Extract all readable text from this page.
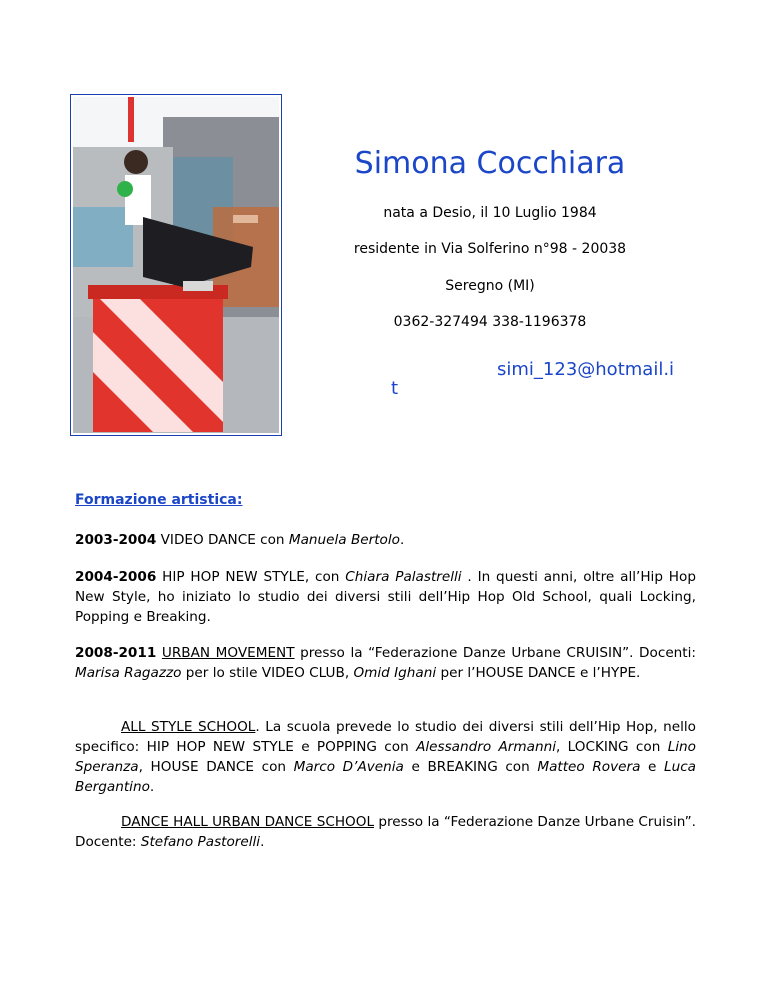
Simona Cocchiara
nata a Desio, il 10 Luglio 1984
residente in Via Solferino n°98 - 20038
Seregno (MI)
0362-327494 338-1196378
simi_123@hotmail.i
t
Formazione artistica:

2003-2004 VIDEO DANCE con Manuela Bertolo.

2004-2006 HIP HOP NEW STYLE, con Chiara Palastrelli . In questi anni, oltre all’Hip Hop New Style, ho iniziato lo studio dei diversi stili dell’Hip Hop Old School, quali Locking, Popping e Breaking.

2008-2011 URBAN MOVEMENT presso la “Federazione Danze Urbane CRUISIN”. Docenti: Marisa Ragazzo per lo stile VIDEO CLUB, Omid Ighani per l’HOUSE DANCE e l’HYPE.

ALL STYLE SCHOOL. La scuola prevede lo studio dei diversi stili dell’Hip Hop, nello specifico: HIP HOP NEW STYLE e POPPING con Alessandro Armanni, LOCKING con Lino Speranza, HOUSE DANCE con Marco D’Avenia e BREAKING con Matteo Rovera e Luca Bergantino.

DANCE HALL URBAN DANCE SCHOOL presso la “Federazione Danze Urbane Cruisin”. Docente: Stefano Pastorelli.
